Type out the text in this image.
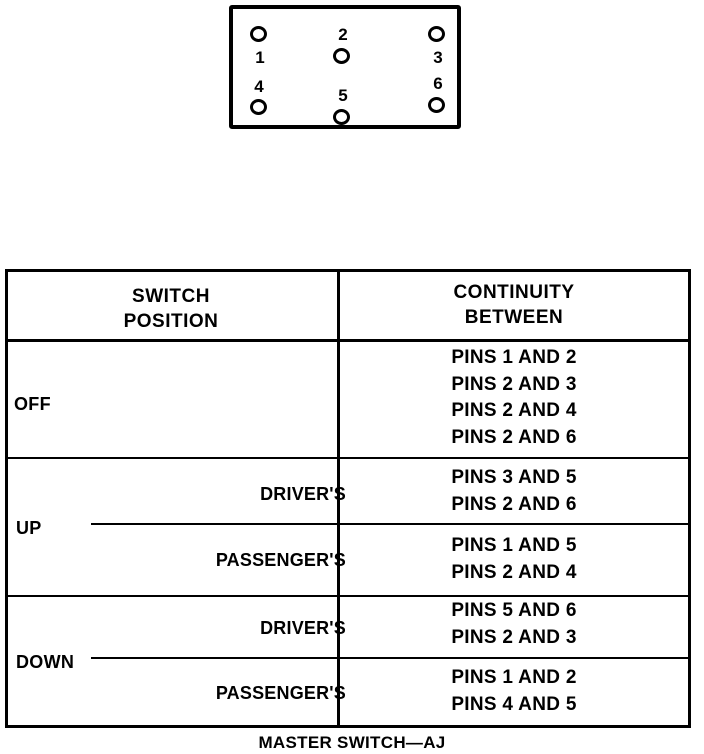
1
2
3
4	5
6
SWITCH
POSITION
CONTINUITY
BETWEEN
OFF
PINS 1 AND 2
PINS 2 AND 3
PINS 2 AND 4
PINS 2 AND 6
UP
DRIVER'S
PINS 3 AND 5
PINS 2 AND 6
PASSENGER'S
PINS 1 AND 5
PINS 2 AND 4
DOWN
DRIVER'S
PINS 5 AND 6
PINS 2 AND 3
PASSENGER'S
PINS 1 AND 2
PINS 4 AND 5
MASTER SWITCH—AJ
